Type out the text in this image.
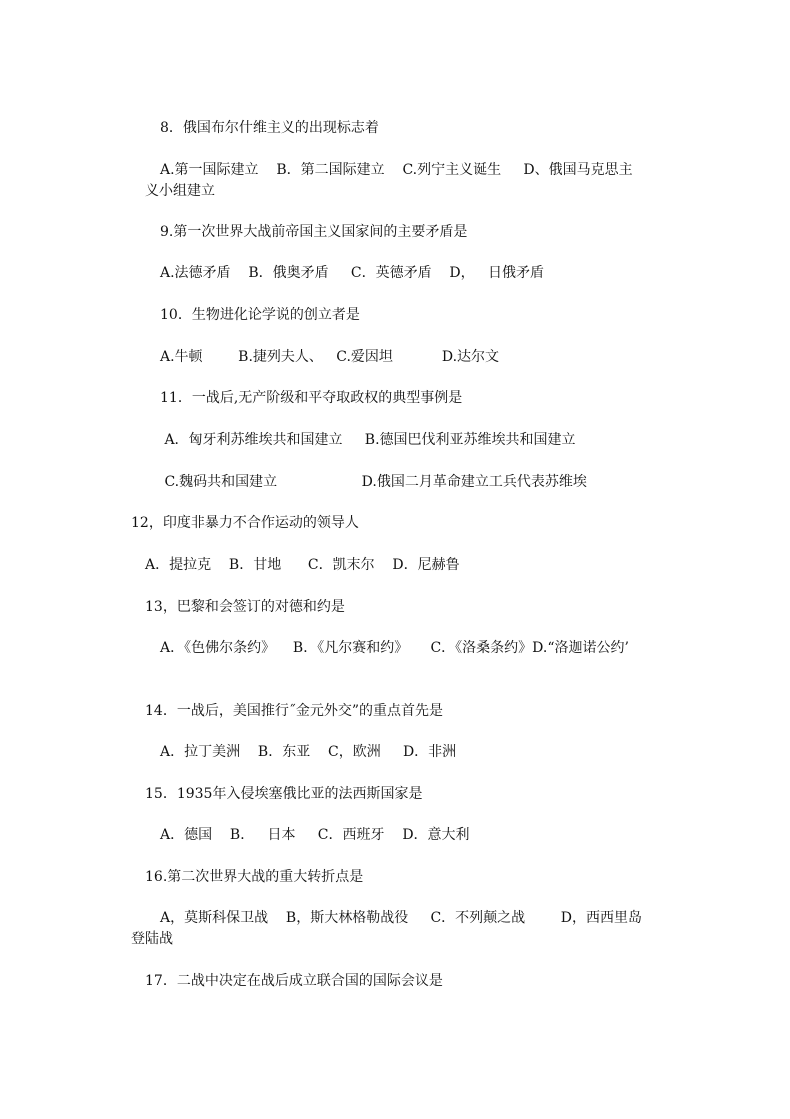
8．俄国布尔什维主义的出现标志着
A.第一国际建立    B．第二国际建立    C.列宁主义诞生     D、俄国马克思主
义小组建立
9.第一次世界大战前帝国主义国家间的主要矛盾是
A.法德矛盾    B．俄奥矛盾     C．英德矛盾    D，   日俄矛盾
10．生物进化论学说的创立者是
A.牛顿        B.捷列夫人、   C.爱因坦           D.达尔文
11．一战后,无产阶级和平夺取政权的典型事例是
A．匈牙利苏维埃共和国建立     B.德国巴伐利亚苏维埃共和国建立
C.魏码共和国建立                   D.俄国二月革命建立工兵代表苏维埃
12，印度非暴力不合作运动的领导人
A．提拉克    B．甘地      C．凯末尔    D．尼赫鲁
13，巴黎和会签订的对德和约是
A．《色佛尔条约》    B．《凡尔赛和约》     C．《洛桑条约》D.“洛迦诺公约’
14．一战后，美国推行˝金元外交”的重点首先是
A．拉丁美洲    B．东亚    C，欧洲     D．非洲
15．1935年入侵埃塞俄比亚的法西斯国家是
A．德国    B．   日本     C．西班牙    D．意大利
16.第二次世界大战的重大转折点是
A，莫斯科保卫战    B，斯大林格勒战役     C．不列颠之战        D，西西里岛
登陆战
17．二战中决定在战后成立联合国的国际会议是
